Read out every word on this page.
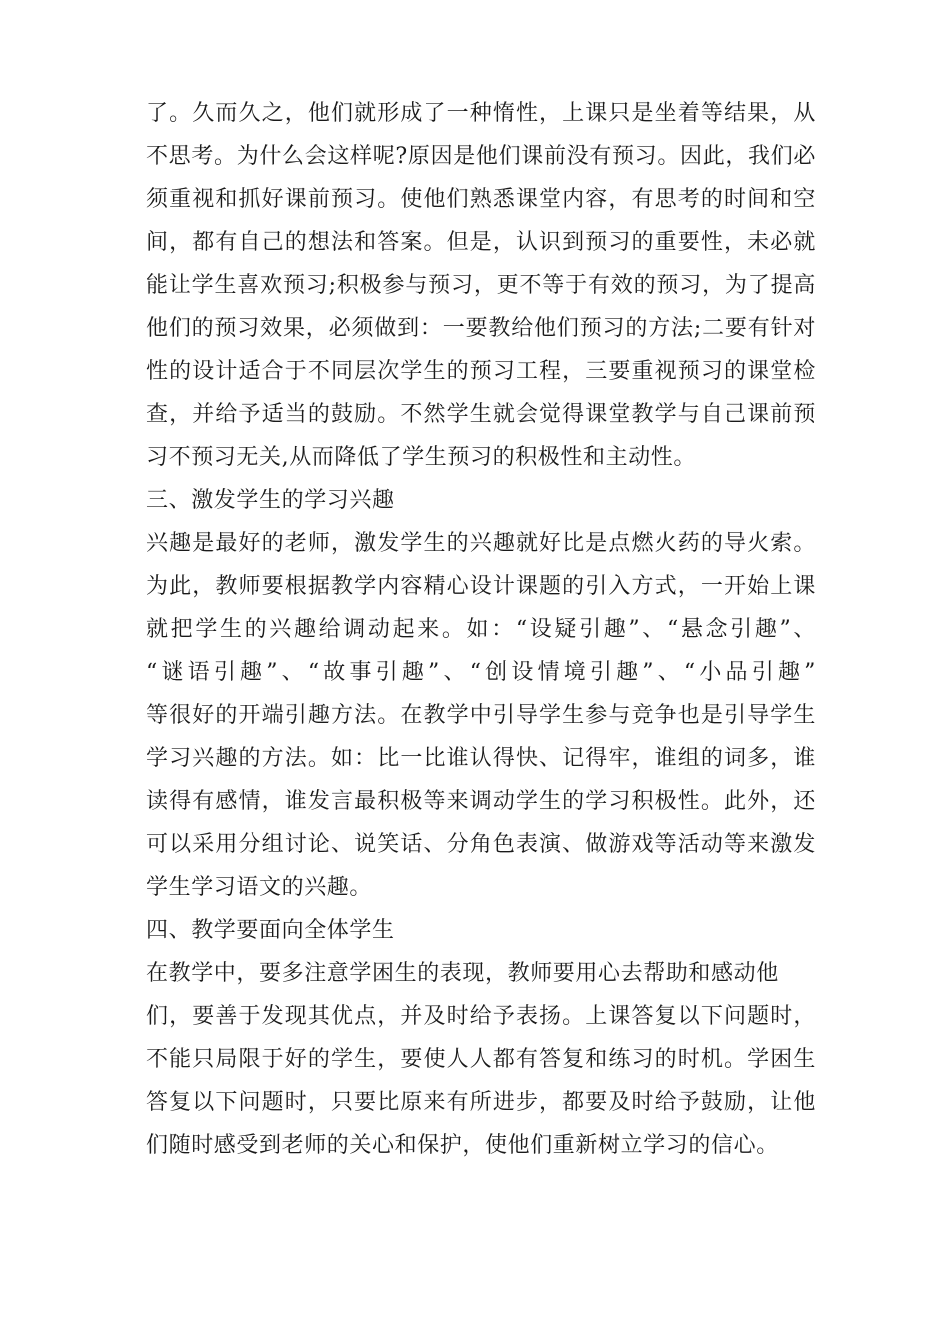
了。久而久之，他们就形成了一种惰性，上课只是坐着等结果，从

不思考。为什么会这样呢?原因是他们课前没有预习。因此，我们必

须重视和抓好课前预习。使他们熟悉课堂内容，有思考的时间和空

间，都有自己的想法和答案。但是，认识到预习的重要性，未必就

能让学生喜欢预习;积极参与预习，更不等于有效的预习，为了提高

他们的预习效果，必须做到：一要教给他们预习的方法;二要有针对

性的设计适合于不同层次学生的预习工程，三要重视预习的课堂检

查，并给予适当的鼓励。不然学生就会觉得课堂教学与自己课前预

习不预习无关,从而降低了学生预习的积极性和主动性。

三、激发学生的学习兴趣

兴趣是最好的老师，激发学生的兴趣就好比是点燃火药的导火索。

为此，教师要根据教学内容精心设计课题的引入方式，一开始上课

就把学生的兴趣给调动起来。如：“设疑引趣”、“悬念引趣”、

“谜语引趣”、“故事引趣”、“创设情境引趣”、“小品引趣”

等很好的开端引趣方法。在教学中引导学生参与竞争也是引导学生

学习兴趣的方法。如：比一比谁认得快、记得牢，谁组的词多，谁

读得有感情，谁发言最积极等来调动学生的学习积极性。此外，还

可以采用分组讨论、说笑话、分角色表演、做游戏等活动等来激发

学生学习语文的兴趣。

四、教学要面向全体学生

在教学中，要多注意学困生的表现，教师要用心去帮助和感动他

们，要善于发现其优点，并及时给予表扬。上课答复以下问题时，

不能只局限于好的学生，要使人人都有答复和练习的时机。学困生

答复以下问题时，只要比原来有所进步，都要及时给予鼓励，让他

们随时感受到老师的关心和保护，使他们重新树立学习的信心。
